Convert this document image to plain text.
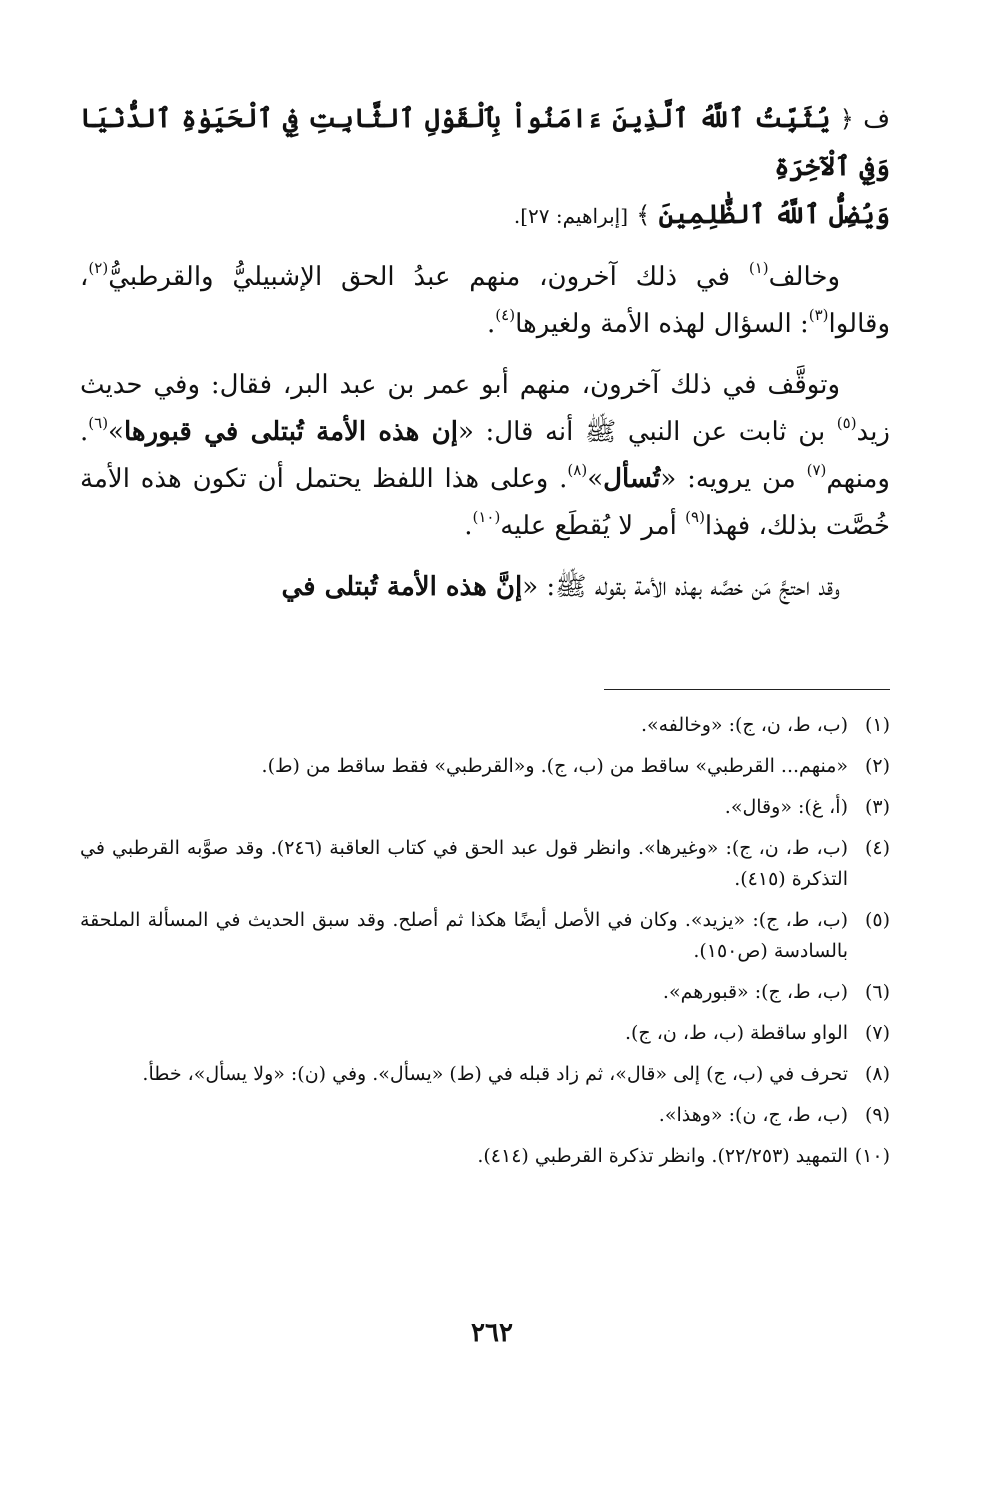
ف ﴿ يُثَبِّتُ ٱللَّهُ ٱلَّذِينَ ءَامَنُواْ بِٱلْقَوْلِ ٱلثَّابِتِ فِي ٱلْحَيَوٰةِ ٱلدُّنْيَا وَفِي ٱلْآخِرَةِ
وَيُضِلُّ ٱللَّهُ ٱلظَّٰلِمِينَ ﴾ [إبراهيم: ٢٧].

وخالف$^{(١)}$ في ذلك آخرون، منهم عبدُ الحق الإشبيليُّ والقرطبيُّ$^{(٢)}$، وقالوا$^{(٣)}$: السؤال لهذه الأمة ولغيرها$^{(٤)}$.

وتوقَّف في ذلك آخرون، منهم أبو عمر بن عبد البر، فقال: وفي حديث زيد$^{(٥)}$ بن ثابت عن النبي ﷺ أنه قال: «إن هذه الأمة تُبتلى في قبورها»$^{(٦)}$. ومنهم$^{(٧)}$ من يرويه: «تُسأل»$^{(٨)}$. وعلى هذا اللفظ يحتمل أن تكون هذه الأمة خُصَّت بذلك، فهذا$^{(٩)}$ أمر لا يُقطَع عليه$^{(١٠)}$.

وقد احتجَّ مَن خصَّه بهذه الأمة بقوله ﷺ: «إنَّ هذه الأمة تُبتلى في

(١)
(ب، ط، ن، ج): «وخالفه».
(٢)
«منهم... القرطبي» ساقط من (ب، ج). و«القرطبي» فقط ساقط من (ط).
(٣)
(أ، غ): «وقال».
(٤)
(ب، ط، ن، ج): «وغيرها». وانظر قول عبد الحق في كتاب العاقبة (٢٤٦). وقد صوَّبه القرطبي في التذكرة (٤١٥).
(٥)
(ب، ط، ج): «يزيد». وكان في الأصل أيضًا هكذا ثم أصلح. وقد سبق الحديث في المسألة الملحقة بالسادسة (ص١٥٠).
(٦)
(ب، ط، ج): «قبورهم».
(٧)
الواو ساقطة (ب، ط، ن، ج).
(٨)
تحرف في (ب، ج) إلى «قال»، ثم زاد قبله في (ط) «يسأل». وفي (ن): «ولا يسأل»، خطأ.
(٩)
(ب، ط، ج، ن): «وهذا».
(١٠)
التمهيد (٢٢/٢٥٣). وانظر تذكرة القرطبي (٤١٤).
٢٦٢
